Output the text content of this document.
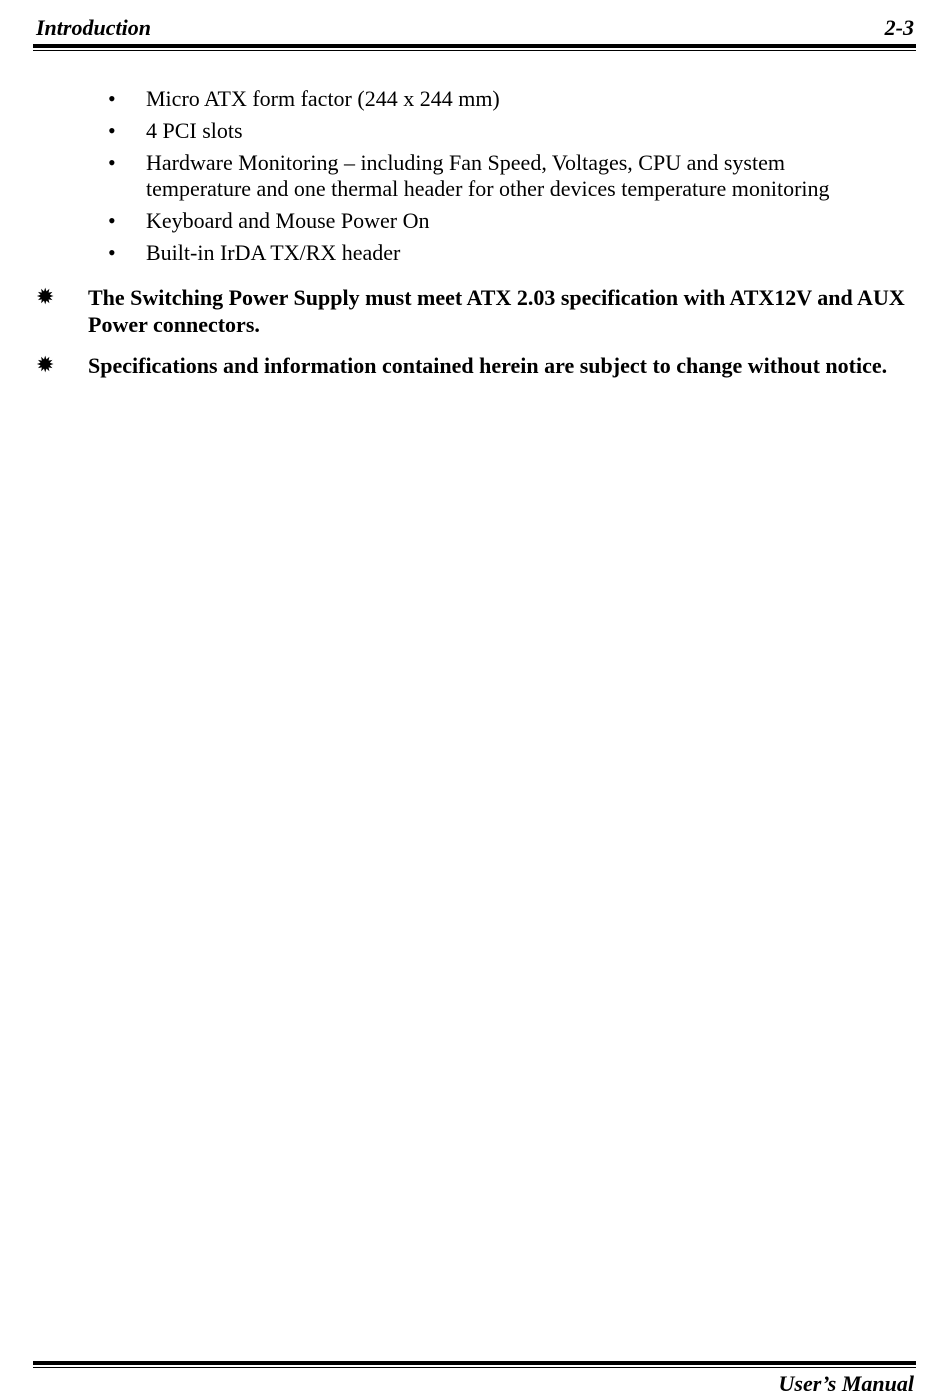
Introduction	2-3
• Micro ATX form factor (244 x 244 mm)
• 4 PCI slots
• Hardware Monitoring – including Fan Speed, Voltages, CPU and system temperature and one thermal header for other devices temperature monitoring
• Keyboard and Mouse Power On
• Built-in IrDA TX/RX header
✹	The Switching Power Supply must meet ATX 2.03 specification with ATX12V and AUX Power connectors.

✹	Specifications and information contained herein are subject to change without notice.

User’s Manual
